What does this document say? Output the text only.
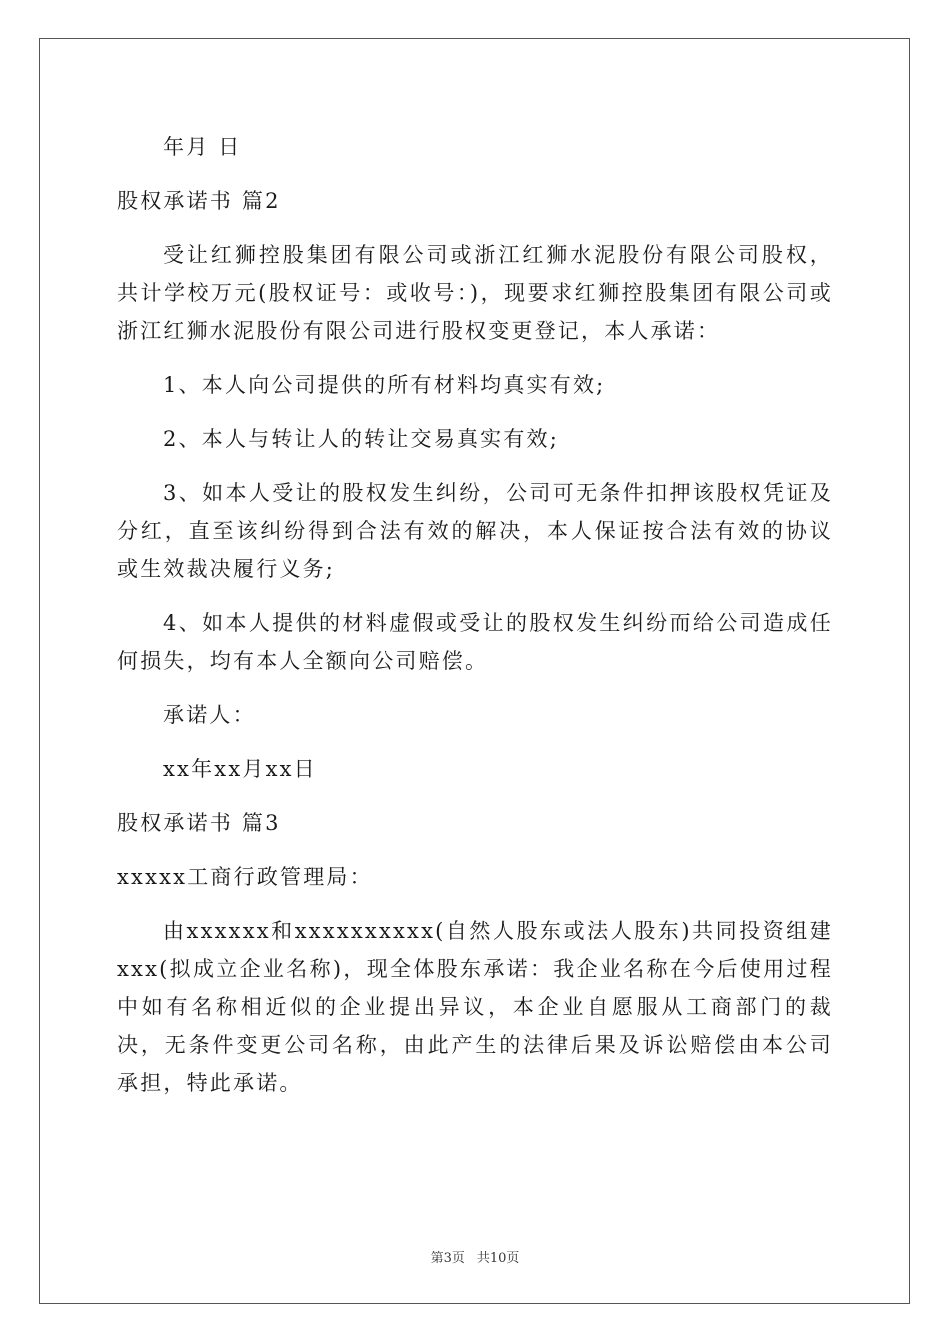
年月 日

股权承诺书 篇2

受让红狮控股集团有限公司或浙江红狮水泥股份有限公司股权，共计学校万元(股权证号：或收号：)，现要求红狮控股集团有限公司或浙江红狮水泥股份有限公司进行股权变更登记，本人承诺：

1、本人向公司提供的所有材料均真实有效;

2、本人与转让人的转让交易真实有效;

3、如本人受让的股权发生纠纷，公司可无条件扣押该股权凭证及分红，直至该纠纷得到合法有效的解决，本人保证按合法有效的协议或生效裁决履行义务;

4、如本人提供的材料虚假或受让的股权发生纠纷而给公司造成任何损失，均有本人全额向公司赔偿。

承诺人：

xx年xx月xx日

股权承诺书 篇3

xxxxx工商行政管理局：

由xxxxxx和xxxxxxxxxx(自然人股东或法人股东)共同投资组建xxx(拟成立企业名称)，现全体股东承诺：我企业名称在今后使用过程中如有名称相近似的企业提出异议，本企业自愿服从工商部门的裁决，无条件变更公司名称，由此产生的法律后果及诉讼赔偿由本公司承担，特此承诺。

第3页 共10页
